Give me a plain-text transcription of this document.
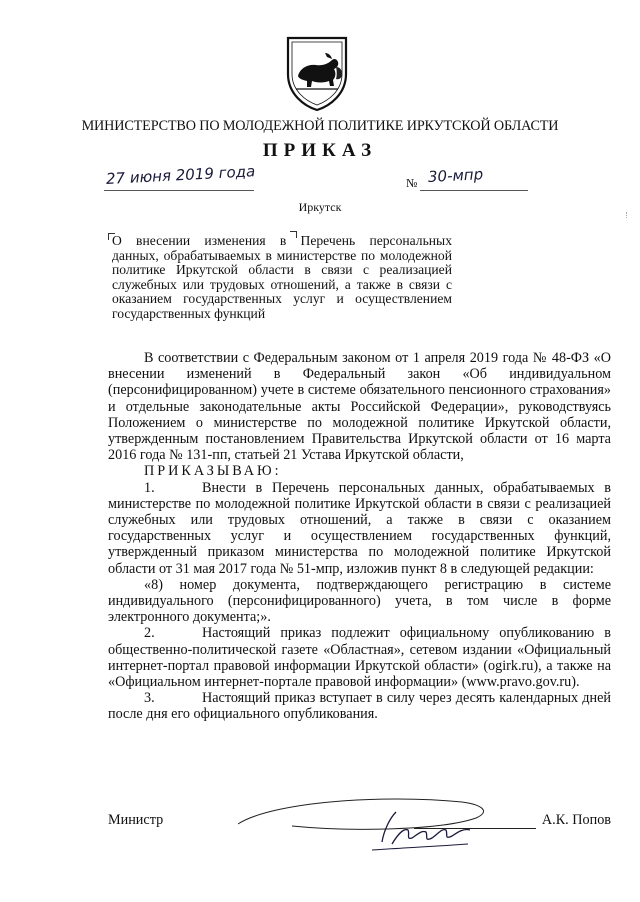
МИНИСТЕРСТВО ПО МОЛОДЕЖНОЙ ПОЛИТИКЕ ИРКУТСКОЙ ОБЛАСТИ
ПРИКАЗ
27 июня 2019 года	№ 30-мпр
Иркутск
О внесении изменения в Перечень персональных
данных, обрабатываемых в министерстве по молодежной политике Иркутской области в связи с реализацией служебных или трудовых отношений, а также в связи с оказанием государственных услуг и осуществлением государственных функций

В соответствии с Федеральным законом от 1 апреля 2019 года № 48-ФЗ «О внесении изменений в Федеральный закон «Об индивидуальном (персонифицированном) учете в системе обязательного пенсионного страхования» и отдельные законодательные акты Российской Федерации», руководствуясь Положением о министерстве по молодежной политике Иркутской области, утвержденным постановлением Правительства Иркутской области от 16 марта 2016 года № 131-пп, статьей 21 Устава Иркутской области,

ПРИКАЗЫВАЮ:

1.	Внести в Перечень персональных данных, обрабатываемых в министерстве по молодежной политике Иркутской области в связи с реализацией служебных или трудовых отношений, а также в связи с оказанием государственных услуг и осуществлением государственных функций, утвержденный приказом министерства по молодежной политике Иркутской области от 31 мая 2017 года № 51-мпр, изложив пункт 8 в следующей редакции:

«8) номер документа, подтверждающего регистрацию в системе индивидуального (персонифицированного) учета, в том числе в форме электронного документа;».

2.	Настоящий приказ подлежит официальному опубликованию в общественно-политической газете «Областная», сетевом издании «Официальный интернет-портал правовой информации Иркутской области» (ogirk.ru), а также на «Официальном интернет-портале правовой информации» (www.pravo.gov.ru).

3.	Настоящий приказ вступает в силу через десять календарных дней после дня его официального опубликования.

Министр	А.К. Попов
